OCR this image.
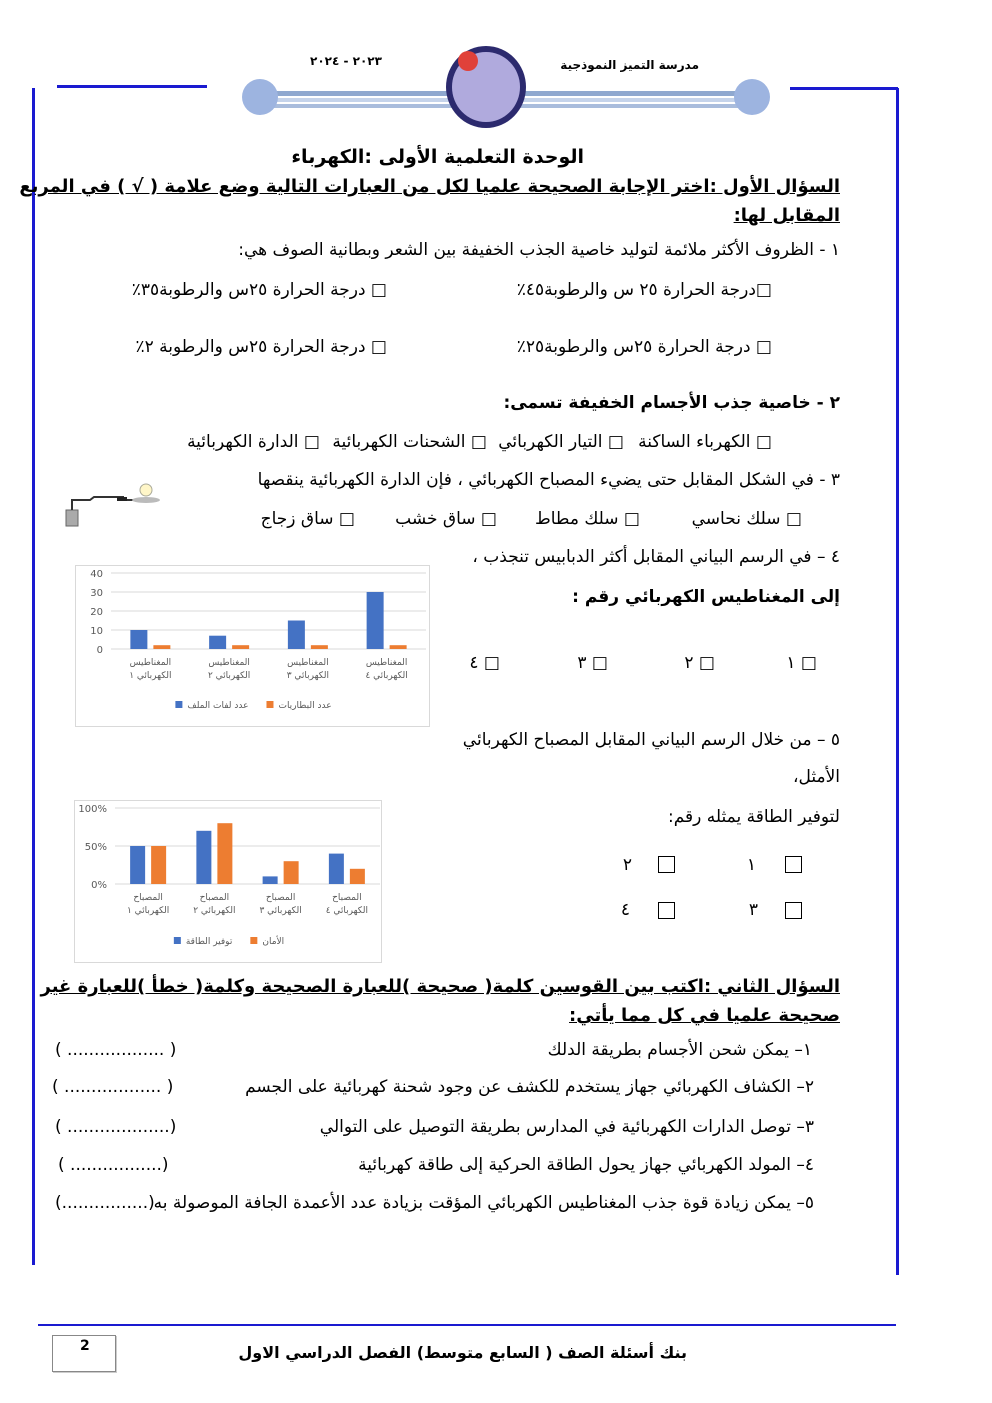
مدرسة التميز النموذجية
٢٠٢٣ - ٢٠٢٤
الوحدة التعلمية الأولى :الكهرباء
السؤال الأول :اختر الإجابة الصحيحة علميا لكل من العبارات التالية وضع علامة ( √ ) في المربع
المقابل لها:
١ - الظروف الأكثر ملائمة لتوليد خاصية الجذب الخفيفة بين الشعر وبطانية الصوف هي:
□درجة الحرارة ٢٥ س والرطوبة٤٥٪
□ درجة الحرارة ٢٥س والرطوبة٣٥٪
□ درجة الحرارة ٢٥س والرطوبة٢٥٪
□ درجة الحرارة ٢٥س والرطوبة ٢٪
٢ - خاصية جذب الأجسام الخفيفة تسمى:
□ الكهرباء الساكنة
□ التيار الكهربائي
□ الشحنات الكهربائية
□ الدارة الكهربائية
٣ - في الشكل المقابل حتى يضيء المصباح الكهربائي ، فإن الدارة الكهربائية ينقصها
□ سلك نحاسي
□ سلك مطاط
□ ساق خشب
□ ساق زجاج
٤ – في الرسم البياني المقابل أكثر الدبابيس تنجذب ،
إلى المغناطيس الكهربائي رقم :
□ ١
□ ٢
□ ٣
□ ٤
0
10
20
30
40
المغناطيس
الكهربائي ١
المغناطيس
الكهربائي ٢
المغناطيس
الكهربائي ٣
المغناطيس
الكهربائي ٤
عدد لفات الملف	عدد البطاريات
٥ – من خلال الرسم البياني المقابل المصباح الكهربائي
الأمثل،
لتوفير الطاقة يمثله رقم:
١
٢
٣
٤
0%
50%
100%
المصباح
الكهربائي ١
المصباح
الكهربائي ٢
المصباح
الكهربائي ٣
المصباح
الكهربائي ٤
توفير الطاقة	الأمان
السؤال الثاني :اكتب بين القوسين كلمة( صحيحة )للعبارة الصحيحة وكلمة( خطأ )للعبارة غير
صحيحة علميا في كل مما يأتي:
١– يمكن شحن الأجسام بطريقة الدلك
( .................. )
٢– الكشاف الكهربائي جهاز يستخدم للكشف عن وجود شحنة كهربائية على الجسم
( .................. )
٣– توصل الدارات الكهربائية في المدارس بطريقة التوصيل على التوالي
( ...................)
٤– المولد الكهربائي جهاز يحول الطاقة الحركية إلى طاقة كهربائية
( .................)
٥– يمكن زيادة قوة جذب المغناطيس الكهربائي المؤقت بزيادة عدد الأعمدة الجافة الموصولة به
(................)
2	بنك أسئلة الصف ( السابع متوسط) الفصل الدراسي الاول
